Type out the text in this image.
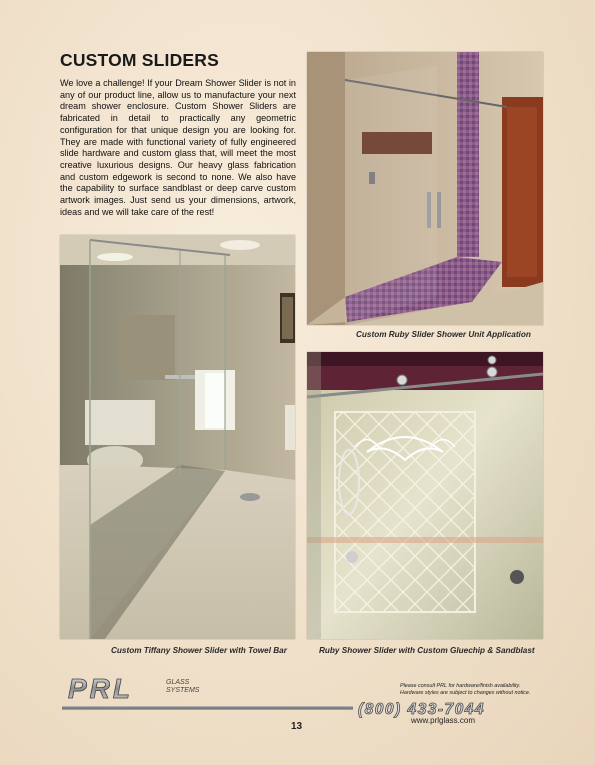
CUSTOM SLIDERS

We love a challenge! If your Dream Shower Slider is not in any of our product line, allow us to manufacture your next dream shower enclosure. Custom Shower Sliders are fabricated in detail to practically any geometric configuration for that unique design you are looking for. They are made with functional variety of fully engineered slide hardware and custom glass that, will meet the most creative luxurious designs. Our heavy glass fabrication and custom edgework is second to none. We also have the capability to surface sandblast or deep carve custom artwork images. Just send us your dimensions, artwork, ideas and we will take care of the rest!

Custom Ruby Slider Shower Unit Application
Custom Tiffany Shower Slider with Towel Bar	Ruby Shower Slider with Custom Gluechip & Sandblast
PRL	GLASS
SYSTEMS
Please consult PRL for hardware/finish availability.
Hardware styles are subject to changes without notice.
(800) 433-7044
www.prlglass.com
13
